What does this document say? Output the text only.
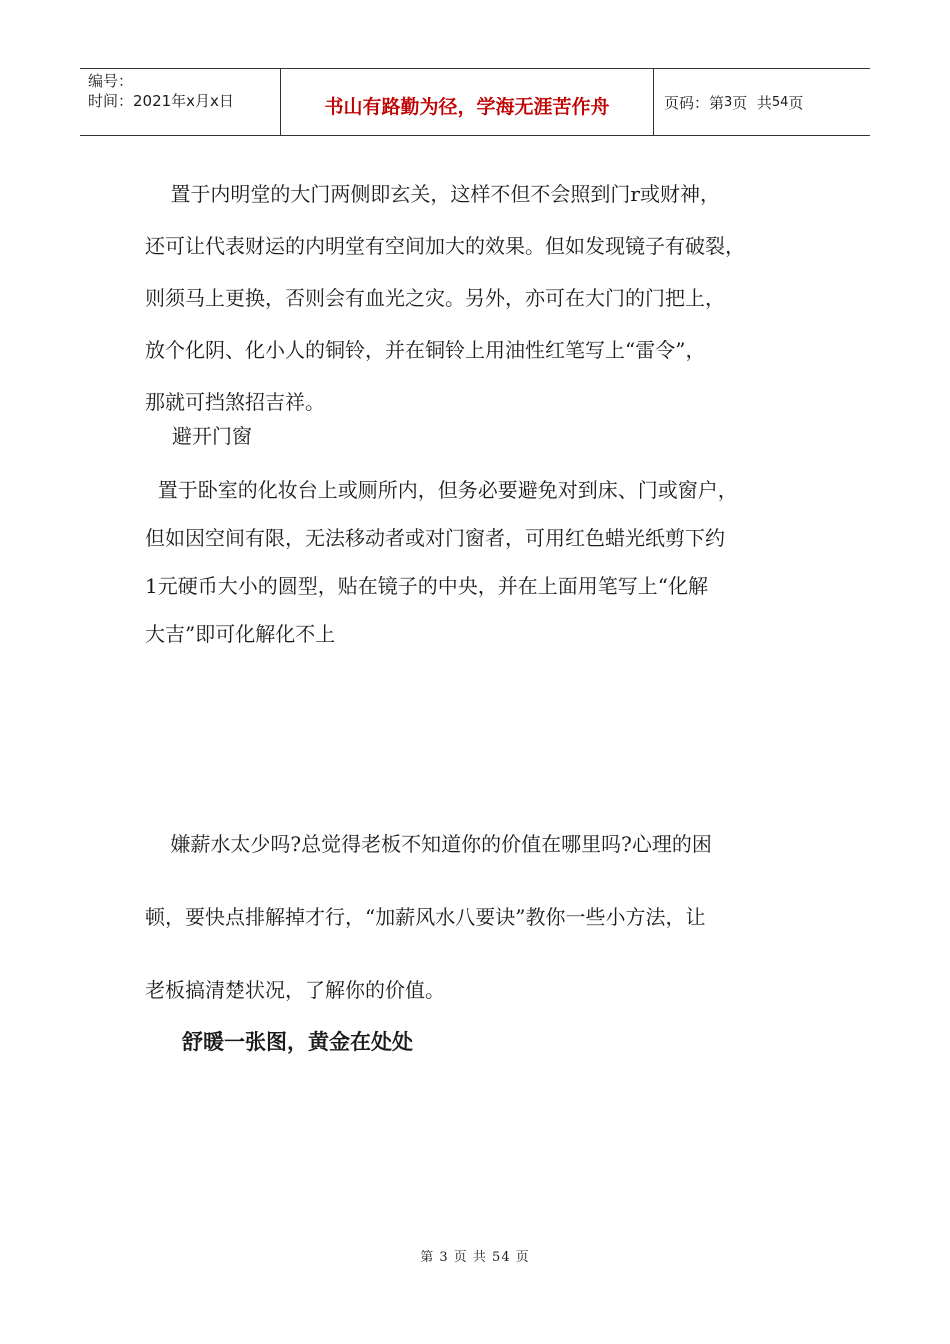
编号：
时间：2021年x月x日	书山有路勤为径，学海无涯苦作舟	页码：第 3 页  共 54 页
置于内明堂的大门两侧即玄关，这样不但不会照到门r或财神，
还可让代表财运的内明堂有空间加大的效果。但如发现镜子有破裂，
则须马上更换，否则会有血光之灾。另外，亦可在大门的门把上，
放个化阴、化小人的铜铃，并在铜铃上用油性红笔写上“雷令”，
那就可挡煞招吉祥。
避开门窗
置于卧室的化妆台上或厕所内，但务必要避免对到床、门或窗户，
但如因空间有限，无法移动者或对门窗者，可用红色蜡光纸剪下约
1元硬币大小的圆型，贴在镜子的中央，并在上面用笔写上“化解
大吉”即可化解化不上
嫌薪水太少吗?总觉得老板不知道你的价值在哪里吗?心理的困
顿，要快点排解掉才行，“加薪风水八要诀”教你一些小方法，让
老板搞清楚状况，了解你的价值。
舒暖一张图，黄金在处处
第 3 页 共 54 页
